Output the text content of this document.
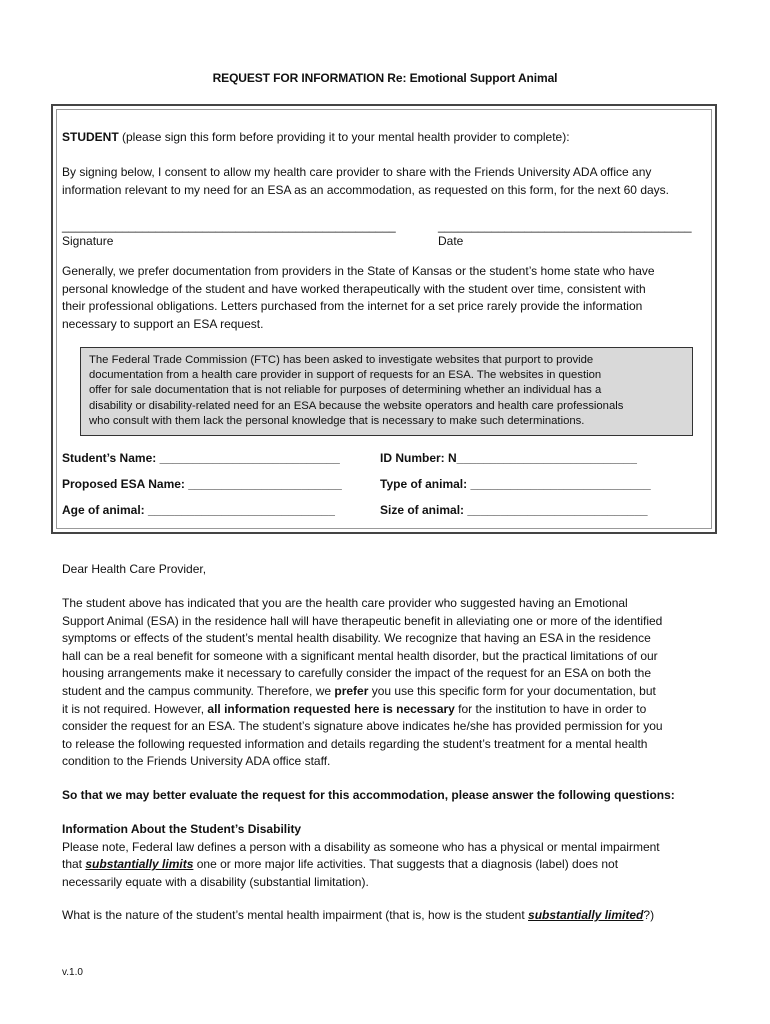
REQUEST FOR INFORMATION Re: Emotional Support Animal
STUDENT (please sign this form before providing it to your mental health provider to complete):
By signing below, I consent to allow my health care provider to share with the Friends University ADA office any
information relevant to my need for an ESA as an accommodation, as requested on this form, for the next 60 days.
__________________________________________________	______________________________________
Signature	Date
Generally, we prefer documentation from providers in the State of Kansas or the student’s home state who have
personal knowledge of the student and have worked therapeutically with the student over time, consistent with
their professional obligations. Letters purchased from the internet for a set price rarely provide the information
necessary to support an ESA request.
The Federal Trade Commission (FTC) has been asked to investigate websites that purport to provide
documentation from a health care provider in support of requests for an ESA. The websites in question
offer for sale documentation that is not reliable for purposes of determining whether an individual has a
disability or disability-related need for an ESA because the website operators and health care professionals
who consult with them lack the personal knowledge that is necessary to make such determinations.
Student’s Name: ___________________________	ID Number: N___________________________
Proposed ESA Name: _______________________	Type of animal: ___________________________
Age of animal: ____________________________	Size of animal: ___________________________
Dear Health Care Provider,
The student above has indicated that you are the health care provider who suggested having an Emotional
Support Animal (ESA) in the residence hall will have therapeutic benefit in alleviating one or more of the identified
symptoms or effects of the student’s mental health disability. We recognize that having an ESA in the residence
hall can be a real benefit for someone with a significant mental health disorder, but the practical limitations of our
housing arrangements make it necessary to carefully consider the impact of the request for an ESA on both the
student and the campus community. Therefore, we prefer you use this specific form for your documentation, but
it is not required. However, all information requested here is necessary for the institution to have in order to
consider the request for an ESA. The student’s signature above indicates he/she has provided permission for you
to release the following requested information and details regarding the student’s treatment for a mental health
condition to the Friends University ADA office staff.
So that we may better evaluate the request for this accommodation, please answer the following questions:
Information About the Student’s Disability
Please note, Federal law defines a person with a disability as someone who has a physical or mental impairment
that substantially limits one or more major life activities. That suggests that a diagnosis (label) does not
necessarily equate with a disability (substantial limitation).
What is the nature of the student’s mental health impairment (that is, how is the student substantially limited?)
v.1.0
